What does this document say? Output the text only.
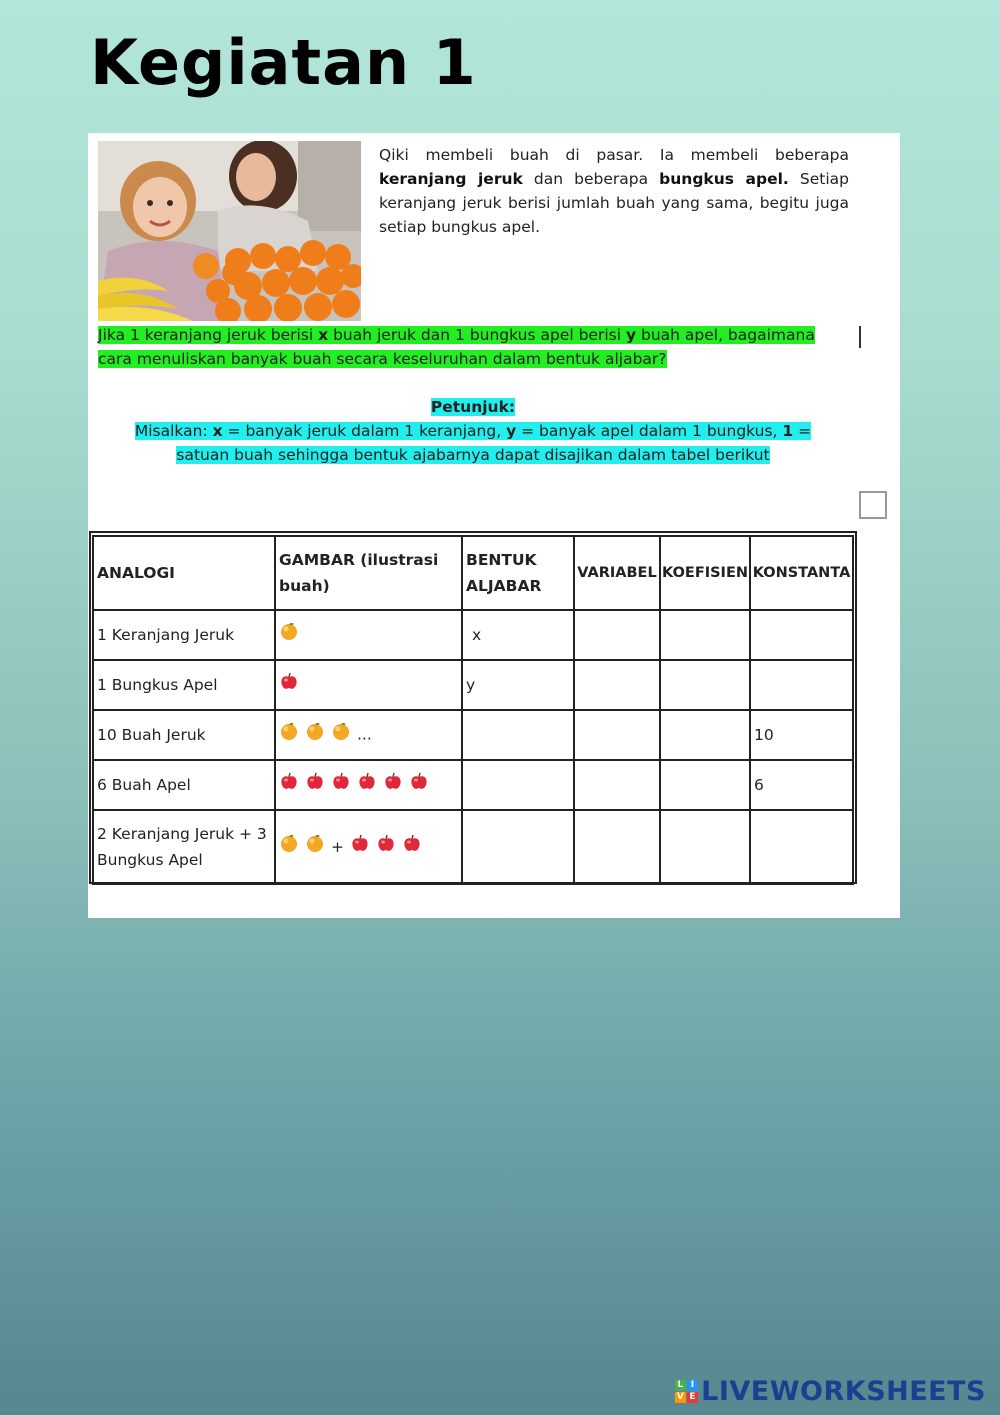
Kegiatan 1

Qiki membeli buah di pasar. Ia membeli beberapa keranjang jeruk dan beberapa bungkus apel. Setiap keranjang jeruk berisi jumlah buah yang sama, begitu juga setiap bungkus apel.

Jika 1 keranjang jeruk berisi x buah jeruk dan 1 bungkus apel berisi y buah apel, bagaimana cara menuliskan banyak buah secara keseluruhan dalam bentuk aljabar?

Petunjuk:

Misalkan: x = banyak jeruk dalam 1 keranjang, y = banyak apel dalam 1 bungkus, 1 = satuan buah sehingga bentuk ajabarnya dapat disajikan dalam tabel berikut

ANALOGI	GAMBAR (ilustrasi buah)	BENTUK ALJABAR	VARIABEL	KOEFISIEN	KONSTANTA
1 Keranjang Jeruk		x			
1 Bungkus Apel		y			
10 Buah Jeruk	...				10
6 Buah Apel					6
2 Keranjang Jeruk + 3 Bungkus Apel	+				
L I
V E LIVEWORKSHEETS
